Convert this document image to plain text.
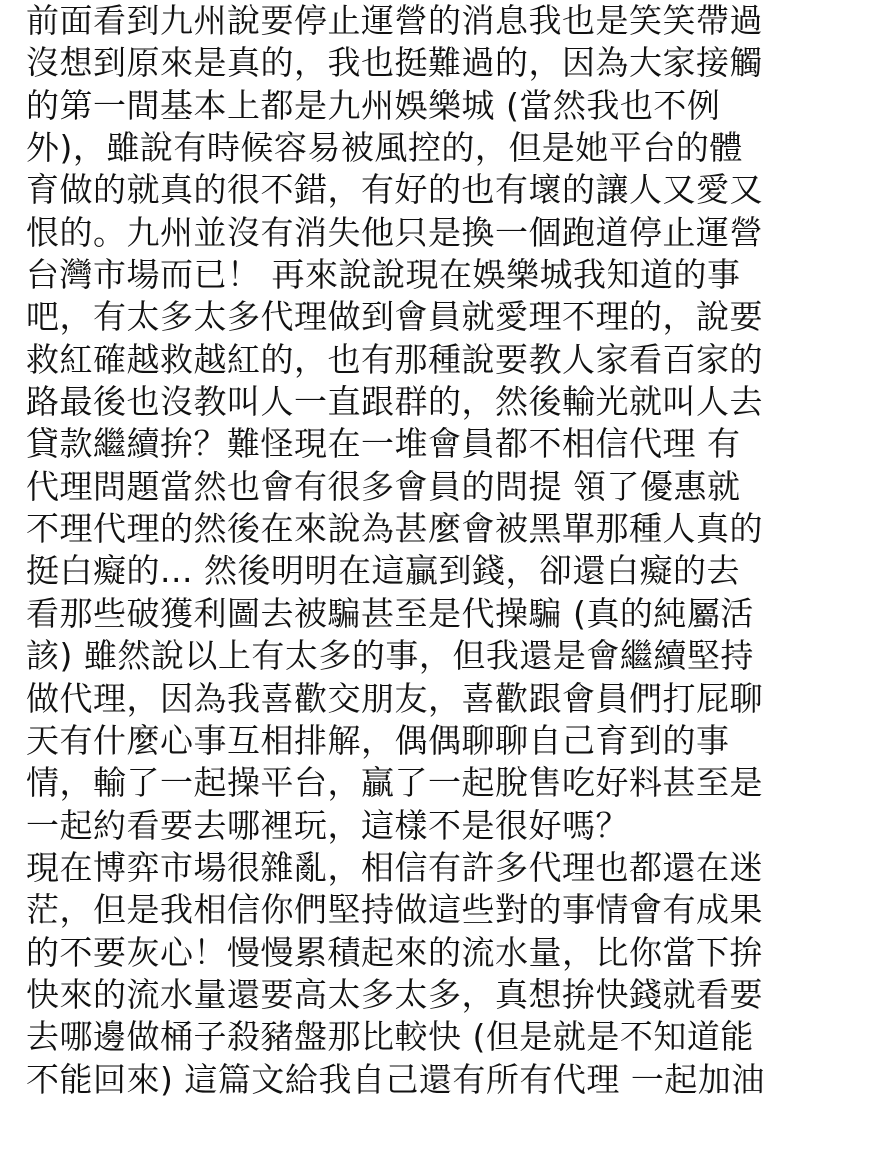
前面看到九州說要停止運營的消息我也是笑笑帶過
沒想到原來是真的，我也挺難過的，因為大家接觸
的第一間基本上都是九州娛樂城 (當然我也不例
外)，雖說有時候容易被風控的，但是她平台的體
育做的就真的很不錯，有好的也有壞的讓人又愛又
恨的。九州並沒有消失他只是換一個跑道停止運營
台灣市場而已！ 再來說說現在娛樂城我知道的事
吧，有太多太多代理做到會員就愛理不理的，說要
救紅確越救越紅的，也有那種說要教人家看百家的
路最後也沒教叫人一直跟群的，然後輸光就叫人去
貸款繼續拚？難怪現在一堆會員都不相信代理 有
代理問題當然也會有很多會員的問提 領了優惠就
不理代理的然後在來說為甚麼會被黑單那種人真的
挺白癡的... 然後明明在這贏到錢，卻還白癡的去
看那些破獲利圖去被騙甚至是代操騙 (真的純屬活
該) 雖然說以上有太多的事，但我還是會繼續堅持
做代理，因為我喜歡交朋友，喜歡跟會員們打屁聊
天有什麼心事互相排解，偶偶聊聊自己育到的事
情，輸了一起操平台，贏了一起脫售吃好料甚至是
一起約看要去哪裡玩，這樣不是很好嗎？
現在博弈市場很雜亂，相信有許多代理也都還在迷
茫，但是我相信你們堅持做這些對的事情會有成果
的不要灰心！慢慢累積起來的流水量，比你當下拚
快來的流水量還要高太多太多，真想拚快錢就看要
去哪邊做桶子殺豬盤那比較快 (但是就是不知道能
不能回來) 這篇文給我自己還有所有代理 一起加油
